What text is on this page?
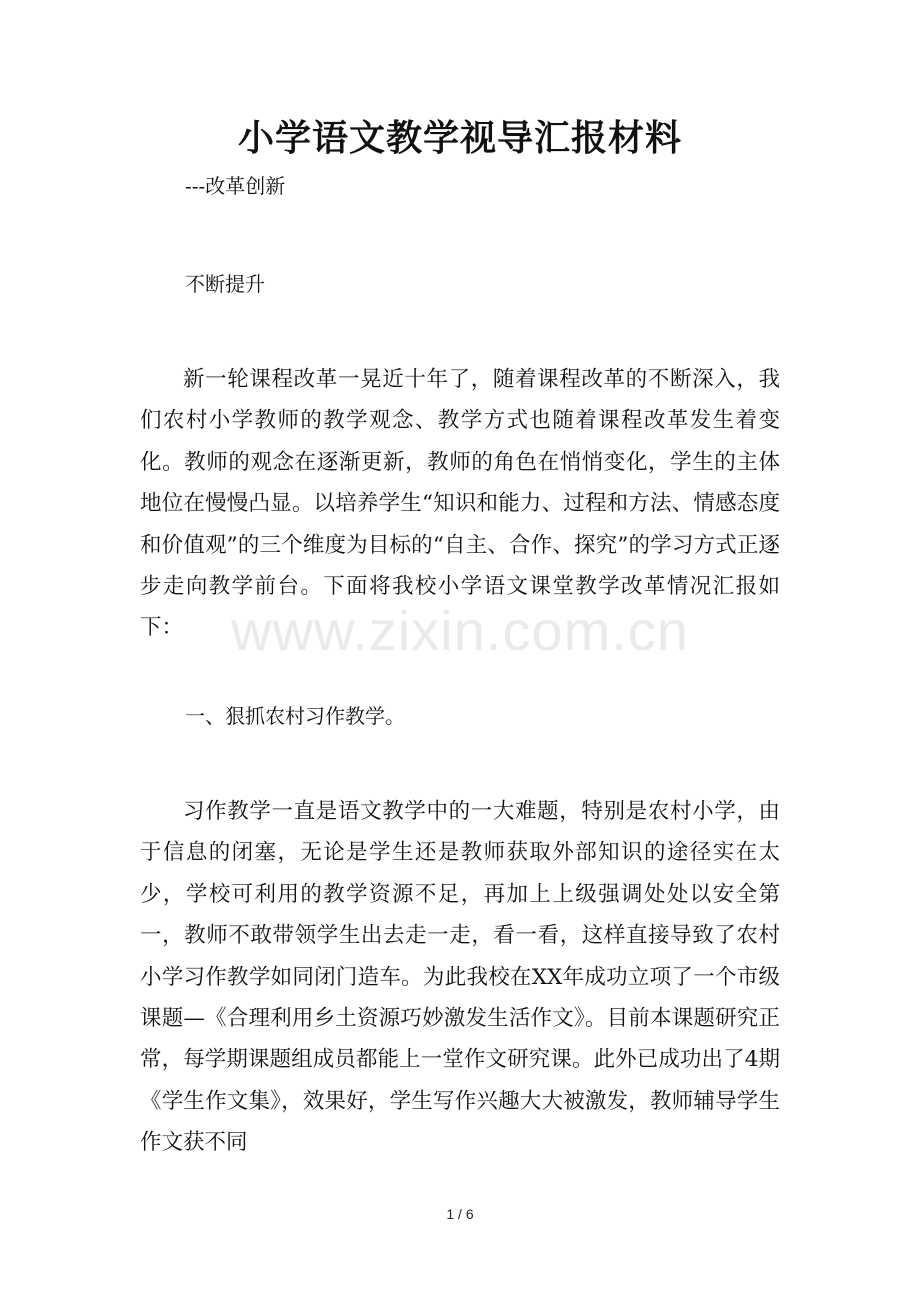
小学语文教学视导汇报材料

---改革创新

不断提升

新一轮课程改革一晃近十年了，随着课程改革的不断深入，我们农村小学教师的教学观念、教学方式也随着课程改革发生着变化。教师的观念在逐渐更新，教师的角色在悄悄变化，学生的主体地位在慢慢凸显。以培养学生“知识和能力、过程和方法、情感态度和价值观”的三个维度为目标的“自主、合作、探究”的学习方式正逐步走向教学前台。下面将我校小学语文课堂教学改革情况汇报如下：

一、狠抓农村习作教学。

习作教学一直是语文教学中的一大难题，特别是农村小学，由于信息的闭塞，无论是学生还是教师获取外部知识的途径实在太少，学校可利用的教学资源不足，再加上上级强调处处以安全第一，教师不敢带领学生出去走一走，看一看，这样直接导致了农村小学习作教学如同闭门造车。为此我校在XX年成功立项了一个市级课题—《合理利用乡土资源巧妙激发生活作文》。目前本课题研究正常，每学期课题组成员都能上一堂作文研究课。此外已成功出了4期《学生作文集》，效果好，学生写作兴趣大大被激发，教师辅导学生作文获不同

www.zixin.com.cn
1 / 6
